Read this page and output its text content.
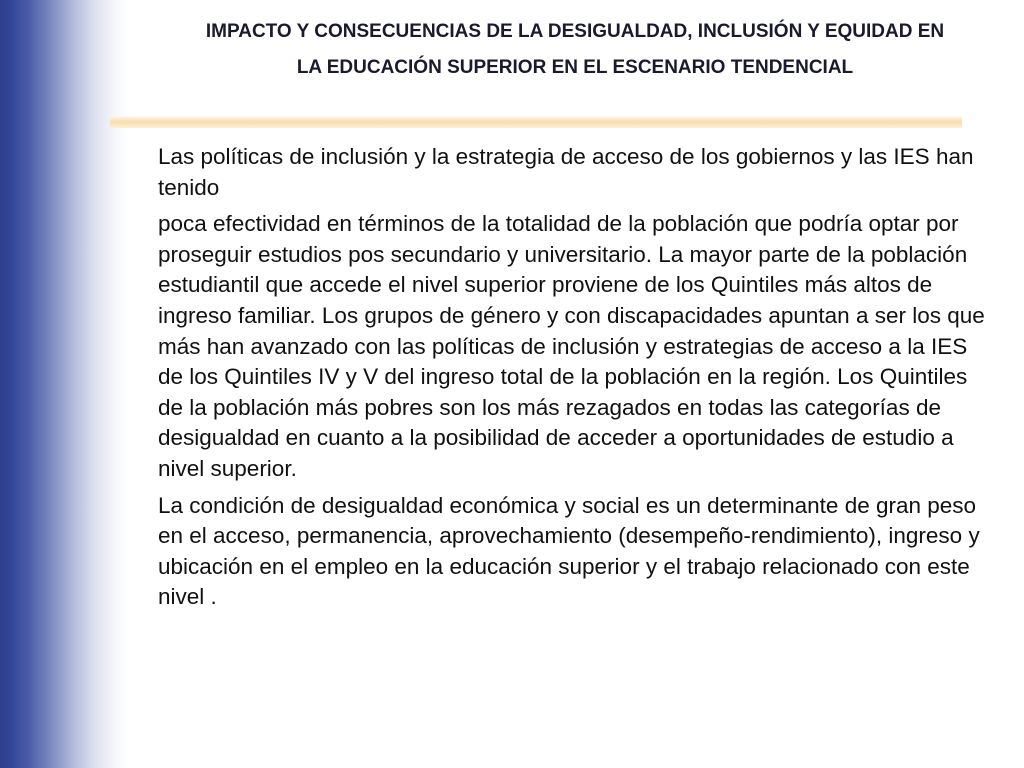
IMPACTO Y CONSECUENCIAS DE LA DESIGUALDAD, INCLUSIÓN Y EQUIDAD EN
LA EDUCACIÓN SUPERIOR EN EL ESCENARIO TENDENCIAL

Las políticas de inclusión y la estrategia de acceso de los gobiernos y las IES han tenido

poca efectividad en términos de la totalidad de la población que podría optar por proseguir estudios pos secundario y universitario. La mayor parte de la población estudiantil que accede el nivel superior proviene de los Quintiles más altos de ingreso familiar. Los grupos de género y con discapacidades apuntan a ser los que más han avanzado con las políticas de inclusión y estrategias de acceso a la IES de los Quintiles IV y V del ingreso total de la población en la región. Los Quintiles de la población más pobres son los más rezagados en todas las categorías de desigualdad en cuanto a la posibilidad de acceder a oportunidades de estudio a nivel superior.

La condición de desigualdad económica y social es un determinante de gran peso en el acceso, permanencia, aprovechamiento (desempeño-rendimiento), ingreso y ubicación en el empleo en la educación superior y el trabajo relacionado con este nivel .
